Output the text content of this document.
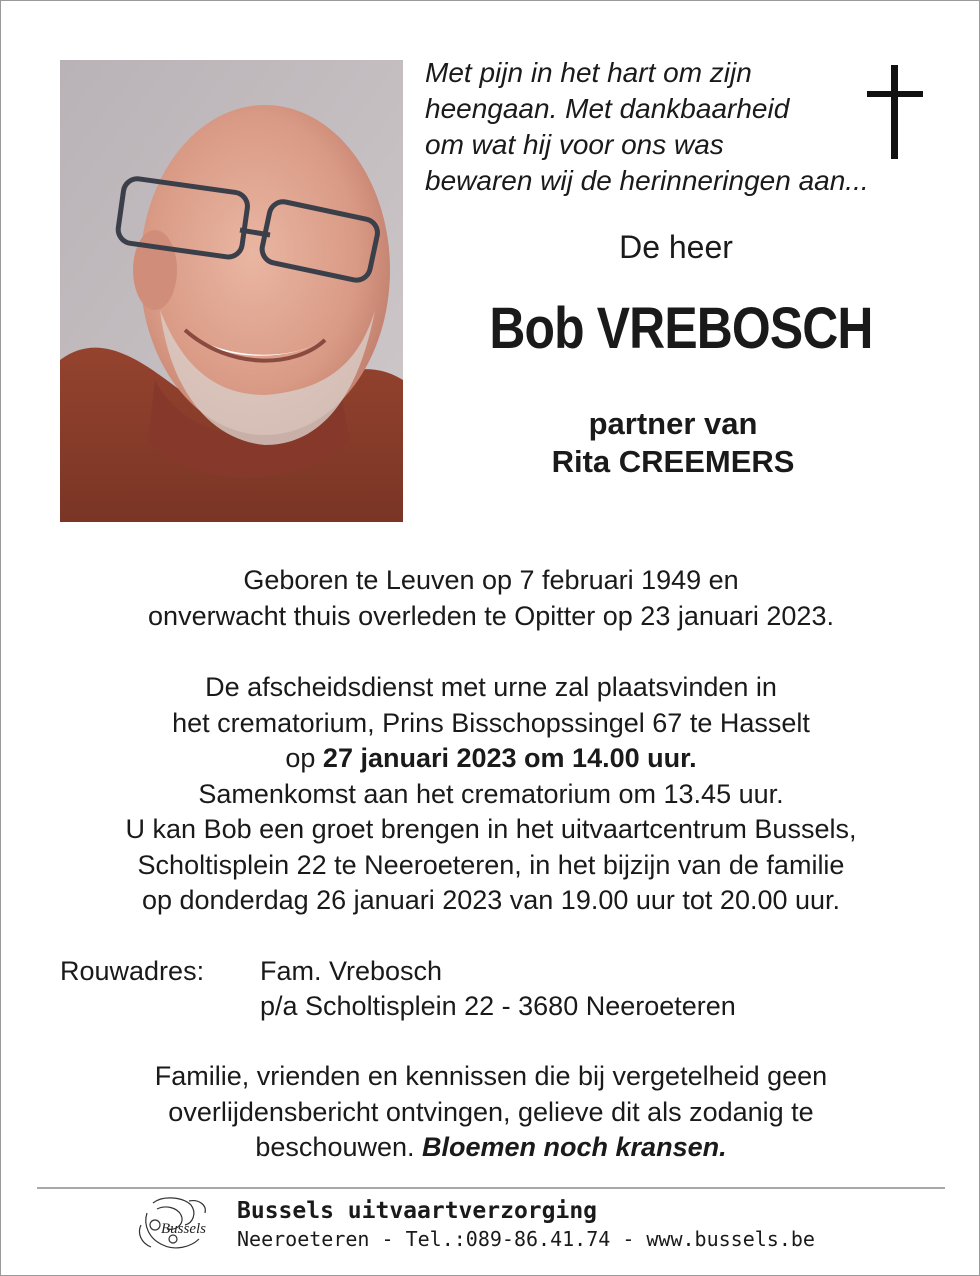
Met pijn in het hart om zijn
heengaan. Met dankbaarheid
om wat hij voor ons was
bewaren wij de herinneringen aan...
De heer
Bob VREBOSCH
partner van
Rita CREEMERS
Geboren te Leuven op 7 februari 1949 en
onverwacht thuis overleden te Opitter op 23 januari 2023.
De afscheidsdienst met urne zal plaatsvinden in
het crematorium, Prins Bisschopssingel 67 te Hasselt
op 27 januari 2023 om 14.00 uur.
Samenkomst aan het crematorium om 13.45 uur.
U kan Bob een groet brengen in het uitvaartcentrum Bussels,
Scholtisplein 22 te Neeroeteren, in het bijzijn van de familie
op donderdag 26 januari 2023 van 19.00 uur tot 20.00 uur.
Rouwadres: Fam. Vrebosch
p/a Scholtisplein 22 - 3680 Neeroeteren
Familie, vrienden en kennissen die bij vergetelheid geen
overlijdensbericht ontvingen, gelieve dit als zodanig te
beschouwen. Bloemen noch kransen.
Bussels
Bussels uitvaartverzorging
Neeroeteren - Tel.:089-86.41.74 - www.bussels.be
